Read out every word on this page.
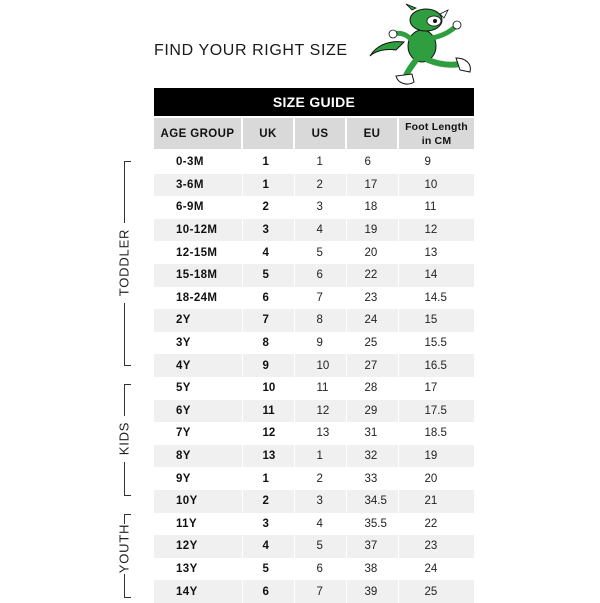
FIND YOUR RIGHT SIZE
SIZE GUIDE
AGE GROUP	UK	US	EU	Foot Length
in CM
0-3M	1	1	6	9
3-6M	1	2	17	10
6-9M	2	3	18	11
10-12M	3	4	19	12
12-15M	4	5	20	13
15-18M	5	6	22	14
18-24M	6	7	23	14.5
2Y	7	8	24	15
3Y	8	9	25	15.5
4Y	9	10	27	16.5
5Y	10	11	28	17
6Y	11	12	29	17.5
7Y	12	13	31	18.5
8Y	13	1	32	19
9Y	1	2	33	20
10Y	2	3	34.5	21
11Y	3	4	35.5	22
12Y	4	5	37	23
13Y	5	6	38	24
14Y	6	7	39	25
TODDLER
KIDS
YOUTH
